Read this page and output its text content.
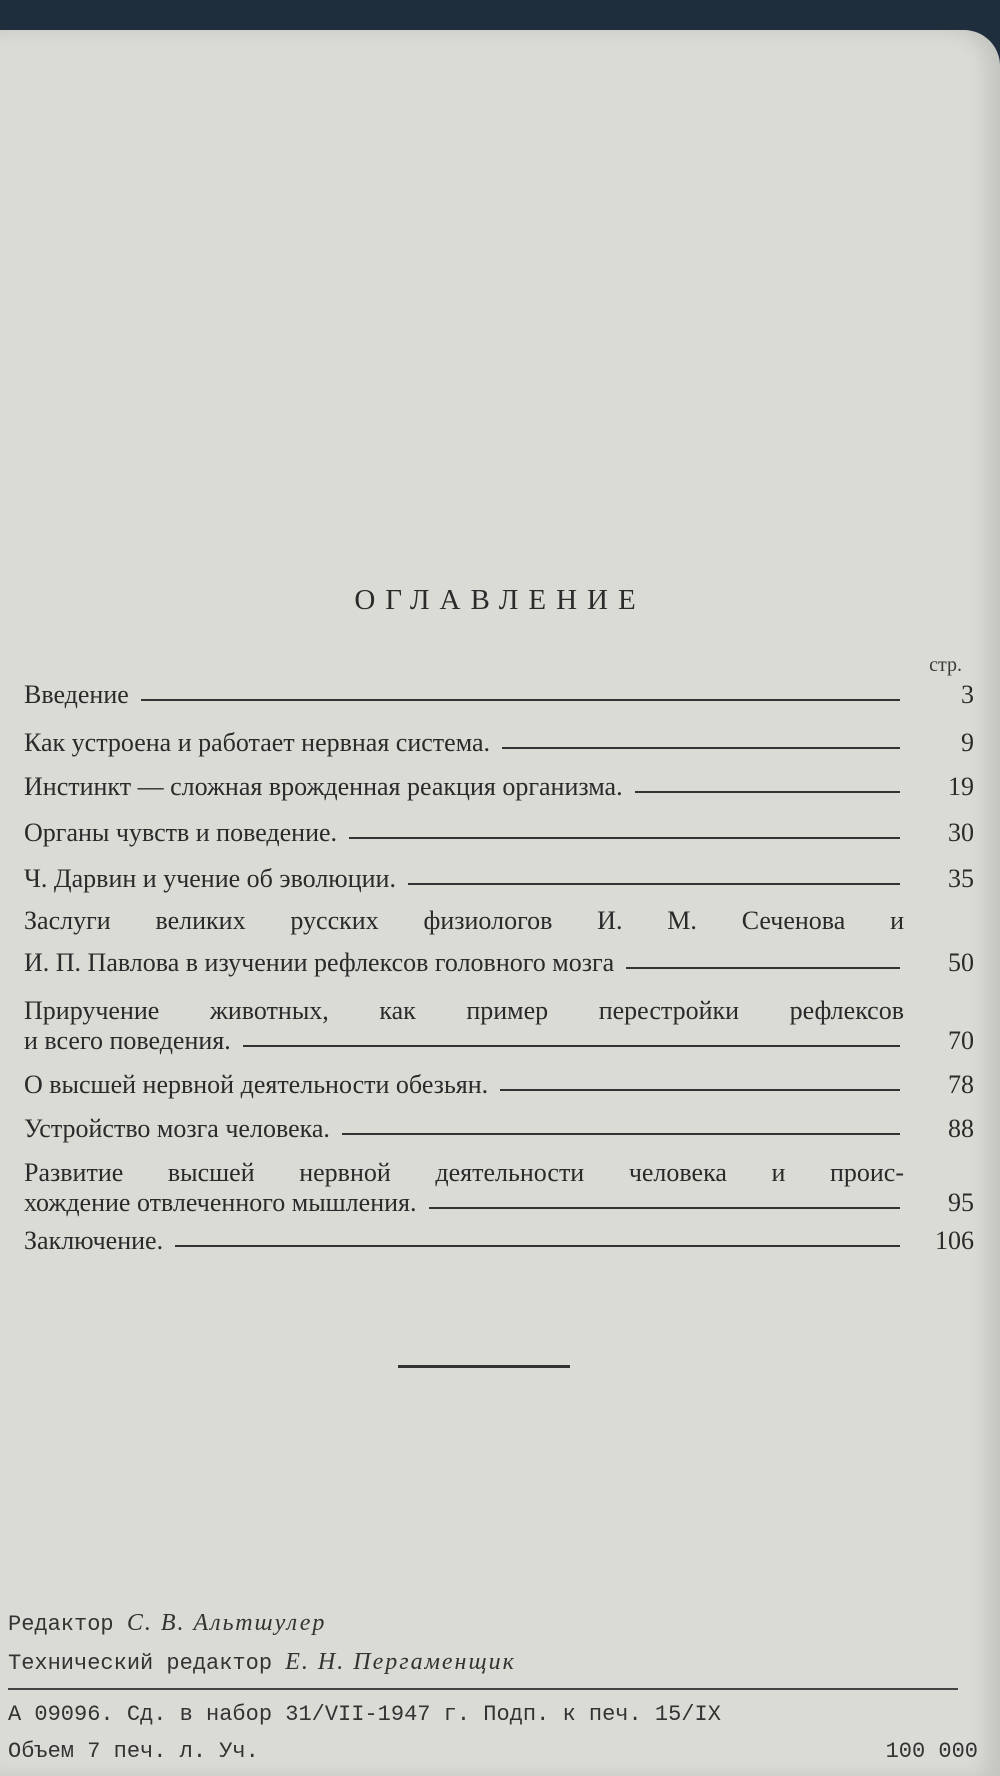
ОГЛАВЛЕНИЕ
стр.
Введение	3
Как устроена и работает нервная система.	9
Инстинкт — сложная врожденная реакция организма.	19
Органы чувств и поведение.	30
Ч. Дарвин и учение об эволюции.	35
Заслуги великих русских физиологов И. М. Сеченова и
И. П. Павлова в изучении рефлексов головного мозга	50
Приручение животных, как пример перестройки рефлексов
и всего поведения.	70
О высшей нервной деятельности обезьян.	78
Устройство мозга человека.	88
Развитие высшей нервной деятельности человека и проис-
хождение отвлеченного мышления.	95
Заключение.	106
Редактор С. В. Альтшулер
Технический редактор Е. Н. Пергаменщик
А 09096. Сд. в набор 31/VII-1947 г. Подп. к печ. 15/IX
Объем 7 печ. л. Уч.	100 000
